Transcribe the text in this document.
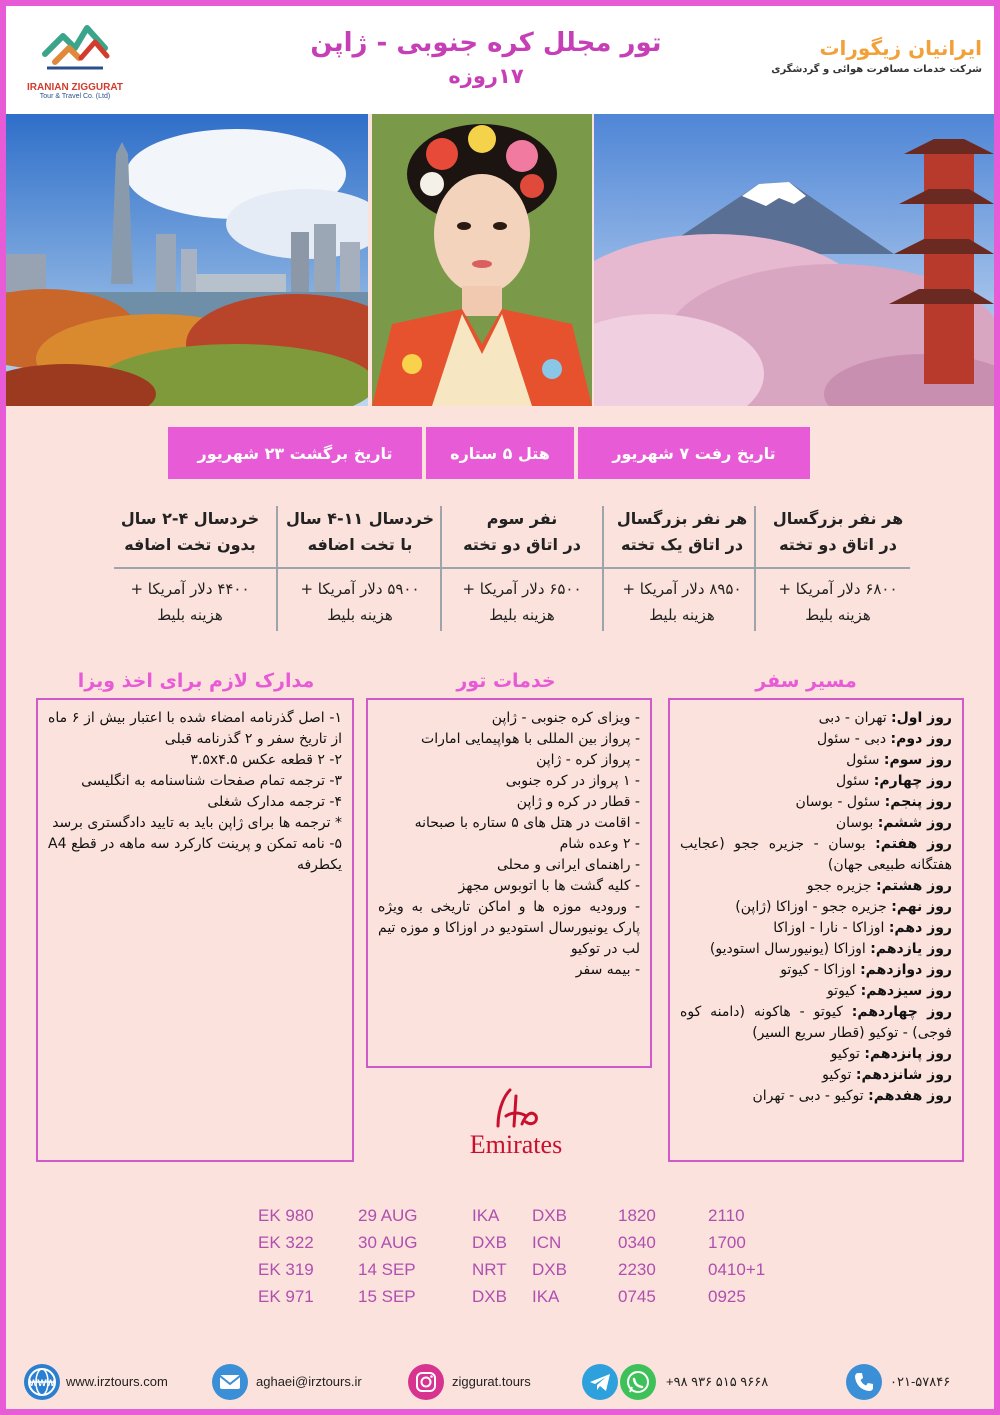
IRANIAN ZIGGURAT
Tour & Travel Co. (Ltd)
تور مجلل کره جنوبی - ژاپن
۱۷روزه
ایرانیان زیگورات
شرکت خدمات مسافرت هوائی و گردشگری
تاریخ رفت ۷ شهریور
هتل ۵ ستاره
تاریخ برگشت ۲۳ شهریور
هر نفر بزرگسال
در اتاق دو تخته
۶۸۰۰ دلار آمریکا +
هزینه بلیط
هر نفر بزرگسال
در اتاق یک تخته
۸۹۵۰ دلار آمریکا +
هزینه بلیط
نفر سوم
در اتاق دو تخته
۶۵۰۰ دلار آمریکا +
هزینه بلیط
خردسال ۱۱-۴ سال
با تخت اضافه
۵۹۰۰ دلار آمریکا +
هزینه بلیط
خردسال ۴-۲ سال
بدون تخت اضافه
۴۴۰۰ دلار آمریکا +
هزینه بلیط
مسیر سفر
خدمات تور
مدارک لازم برای اخذ ویزا
روز اول: تهران - دبی
روز دوم: دبی - سئول
روز سوم: سئول
روز چهارم: سئول
روز پنجم: سئول - بوسان
روز ششم: بوسان
روز هفتم: بوسان - جزیره ججو (عجایب هفتگانه طبیعی جهان)
روز هشتم: جزیره ججو
روز نهم: جزیره ججو - اوزاکا (ژاپن)
روز دهم: اوزاکا - نارا - اوزاکا
روز یازدهم: اوزاکا (یونیورسال استودیو)
روز دوازدهم: اوزاکا - کیوتو
روز سیزدهم: کیوتو
روز چهاردهم: کیوتو - هاکونه (دامنه کوه فوجی) - توکیو (قطار سریع السیر)
روز پانزدهم: توکیو
روز شانزدهم: توکیو
روز هفدهم: توکیو - دبی - تهران
- ویزای کره جنوبی - ژاپن
- پرواز بین المللی با هواپیمایی امارات
- پرواز کره - ژاپن
- ۱ پرواز در کره جنوبی
- قطار در کره و ژاپن
- اقامت در هتل های ۵ ستاره با صبحانه
- ۲ وعده شام
- راهنمای ایرانی و محلی
- کلیه گشت ها با اتوبوس مجهز
- ورودیه موزه ها و اماکن تاریخی به ویژه پارک یونیورسال استودیو در اوزاکا و موزه تیم لب در توکیو
- بیمه سفر
۱- اصل گذرنامه امضاء شده با اعتبار بیش از ۶ ماه از تاریخ سفر و ۲ گذرنامه قبلی
۲- ۲ قطعه عکس ۳.۵x۴.۵
۳- ترجمه تمام صفحات شناسنامه به انگلیسی
۴- ترجمه مدارک شغلی
* ترجمه ها برای ژاپن باید به تایید دادگستری برسد
۵- نامه تمکن و پرینت کارکرد سه ماهه در قطع A4 یکطرفه
Emirates
EK 980	29 AUG	IKA DXB	1820	2110
EK 322	30 AUG	DXB ICN	0340	1700
EK 319	14 SEP	NRT DXB	2230	0410+1
EK 971	15 SEP	DXB IKA	0745	0925
WWW www.irztours.com	aghaei@irztours.ir	ziggurat.tours	+۹۸ ۹۳۶ ۵۱۵ ۹۶۶۸	۰۲۱-۵۷۸۴۶
